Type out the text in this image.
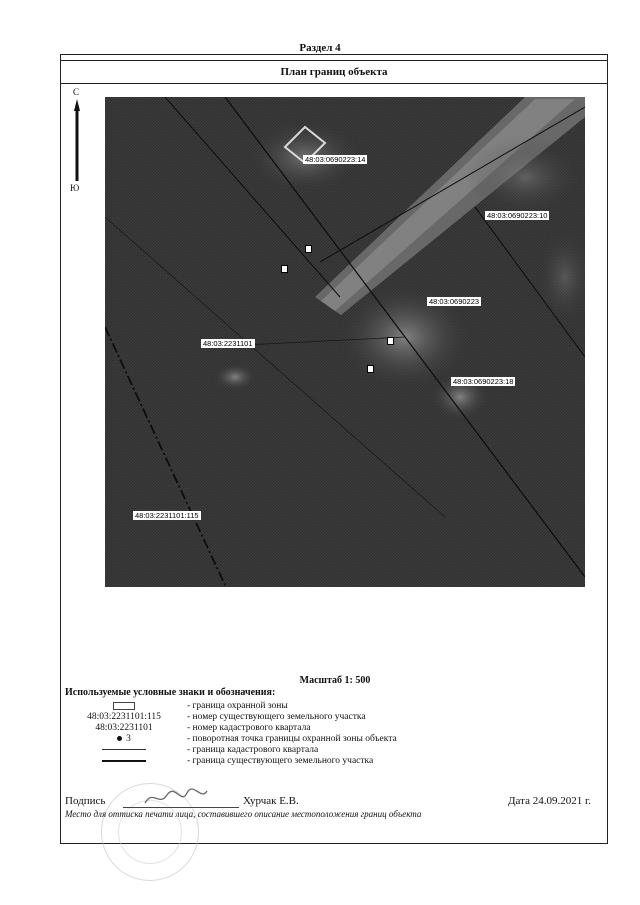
Раздел 4
План границ объекта
С
Ю
48:03:0690223:14
48:03:0690223:10
48:03:0690223
48:03:2231101
48:03:0690223:18
48:03:2231101:115
Масштаб 1: 500
Используемые условные знаки и обозначения:
- граница охранной зоны
48:03:2231101:115	- номер существующего земельного участка
48:03:2231101	- номер кадастрового квартала
3	- поворотная точка границы охранной зоны объекта
- граница кадастрового квартала
- граница существующего земельного участка
Подпись	Хурчак Е.В.	Дата 24.09.2021 г.
Место для оттиска печати лица, составившего описание местоположения границ объекта
